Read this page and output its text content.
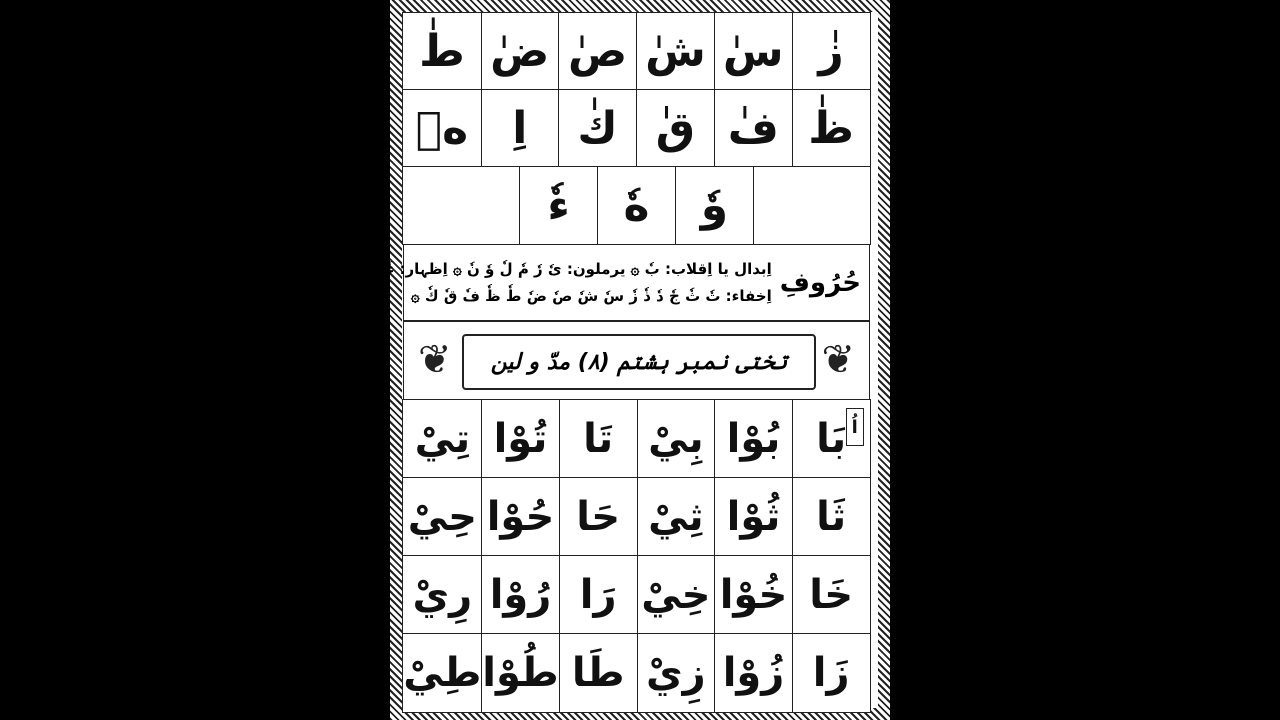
زٰ
سٰ
شٰ
صٰ
ضٰ
طٰ
ظٰ
فٰ
قٰ
كٰ
اِ
هٖ
وٗ
هٗ
ءٗ
حُرُوفِ
اِبدال یا اِقلاب: بٗ ۞ یرملون: یٗ رٗ مٗ لٗ وٗ نٗ ۞ اِظہار: ءٗ ھٗ عٗ حٗ غٗ خٗ
اِخفاء: تٗ ثٗ جٗ دٗ ذٗ زٗ سٗ شٗ صٗ ضٗ طٗ ظٗ فٗ قٗ كٗ ۞
❦	تختی نمبر ہشتم (۸) مدّ و لین ❦
اُ
بَا
بُوْا
بِيْ
تَا
تُوْا
تِيْ
ثَا
ثُوْا
ثِيْ
حَا
حُوْا
حِيْ
خَا
خُوْا
خِيْ
رَا
رُوْا
رِيْ
زَا
زُوْا
زِيْ
طَا
طُوْا
طِيْ
